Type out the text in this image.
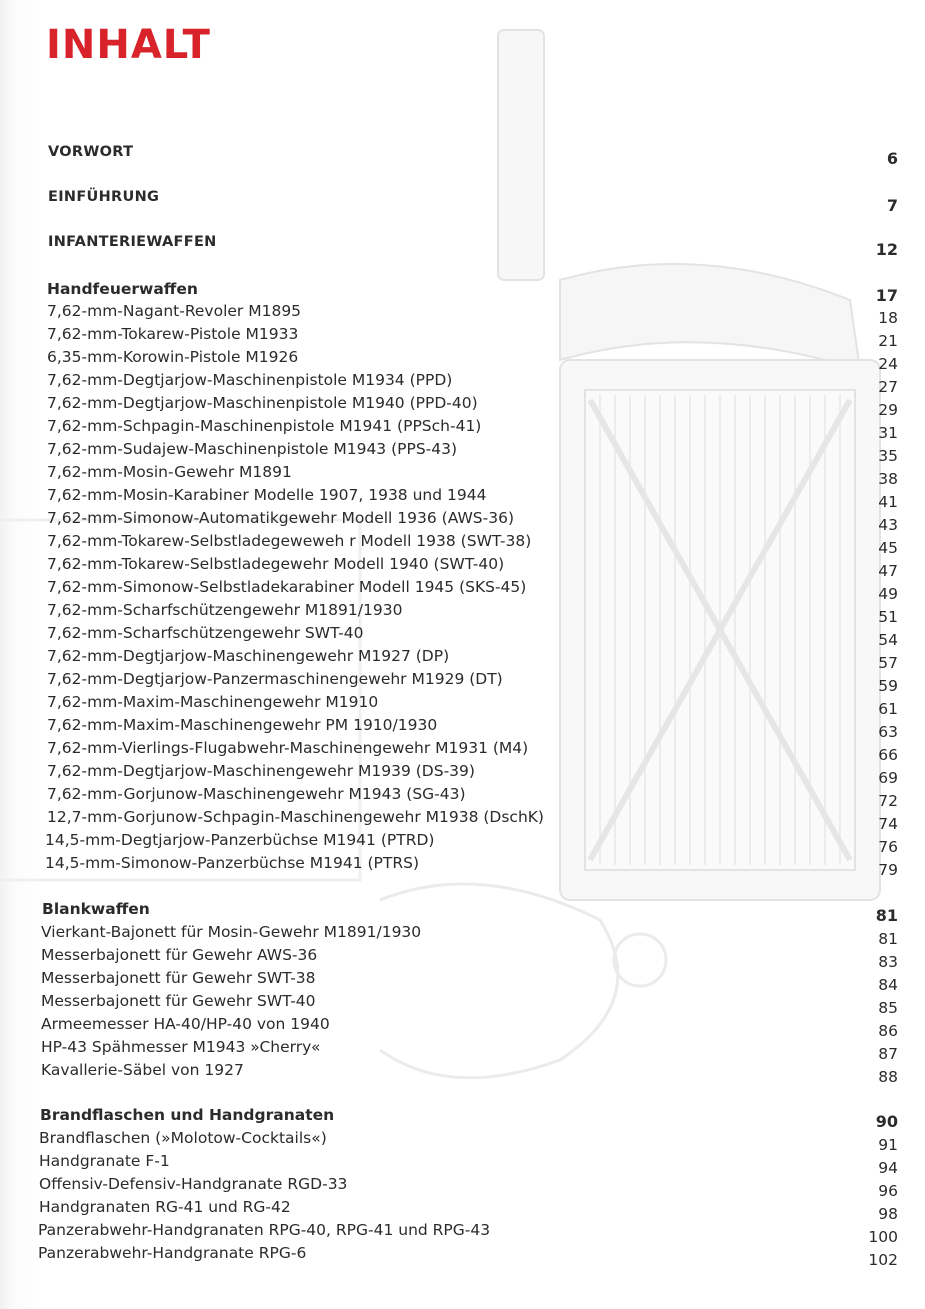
INHALT
VORWORT	6
EINFÜHRUNG	7
INFANTERIEWAFFEN	12
Handfeuerwaffen	17
7,62-mm-Nagant-Revoler M1895	18
7,62-mm-Tokarew-Pistole M1933	21
6,35-mm-Korowin-Pistole M1926	24
7,62-mm-Degtjarjow-Maschinenpistole M1934 (PPD)	27
7,62-mm-Degtjarjow-Maschinenpistole M1940 (PPD-40)	29
7,62-mm-Schpagin-Maschinenpistole M1941 (PPSch-41)	31
7,62-mm-Sudajew-Maschinenpistole M1943 (PPS-43)	35
7,62-mm-Mosin-Gewehr M1891	38
7,62-mm-Mosin-Karabiner Modelle 1907, 1938 und 1944	41
7,62-mm-Simonow-Automatikgewehr Modell 1936 (AWS-36)	43
7,62-mm-Tokarew-Selbstladegeweweh r Modell 1938 (SWT-38)	45
7,62-mm-Tokarew-Selbstladegewehr Modell 1940 (SWT-40)	47
7,62-mm-Simonow-Selbstladekarabiner Modell 1945 (SKS-45)	49
7,62-mm-Scharfschützengewehr M1891/1930	51
7,62-mm-Scharfschützengewehr SWT-40	54
7,62-mm-Degtjarjow-Maschinengewehr M1927 (DP)	57
7,62-mm-Degtjarjow-Panzermaschinengewehr M1929 (DT)	59
7,62-mm-Maxim-Maschinengewehr M1910	61
7,62-mm-Maxim-Maschinengewehr PM 1910/1930	63
7,62-mm-Vierlings-Flugabwehr-Maschinengewehr M1931 (M4)	66
7,62-mm-Degtjarjow-Maschinengewehr M1939 (DS-39)	69
7,62-mm-Gorjunow-Maschinengewehr M1943 (SG-43)	72
12,7-mm-Gorjunow-Schpagin-Maschinengewehr M1938 (DschK)	74
14,5-mm-Degtjarjow-Panzerbüchse M1941 (PTRD)	76
14,5-mm-Simonow-Panzerbüchse M1941 (PTRS)	79
Blankwaffen	81
Vierkant-Bajonett für Mosin-Gewehr M1891/1930	81
Messerbajonett für Gewehr AWS-36	83
Messerbajonett für Gewehr SWT-38	84
Messerbajonett für Gewehr SWT-40	85
Armeemesser HA-40/HP-40 von 1940	86
HP-43 Spähmesser M1943 »Cherry«	87
Kavallerie-Säbel von 1927	88
Brandflaschen und Handgranaten	90
Brandflaschen (»Molotow-Cocktails«)	91
Handgranate F-1	94
Offensiv-Defensiv-Handgranate RGD-33	96
Handgranaten RG-41 und RG-42	98
Panzerabwehr-Handgranaten RPG-40, RPG-41 und RPG-43	100
Panzerabwehr-Handgranate RPG-6	102
